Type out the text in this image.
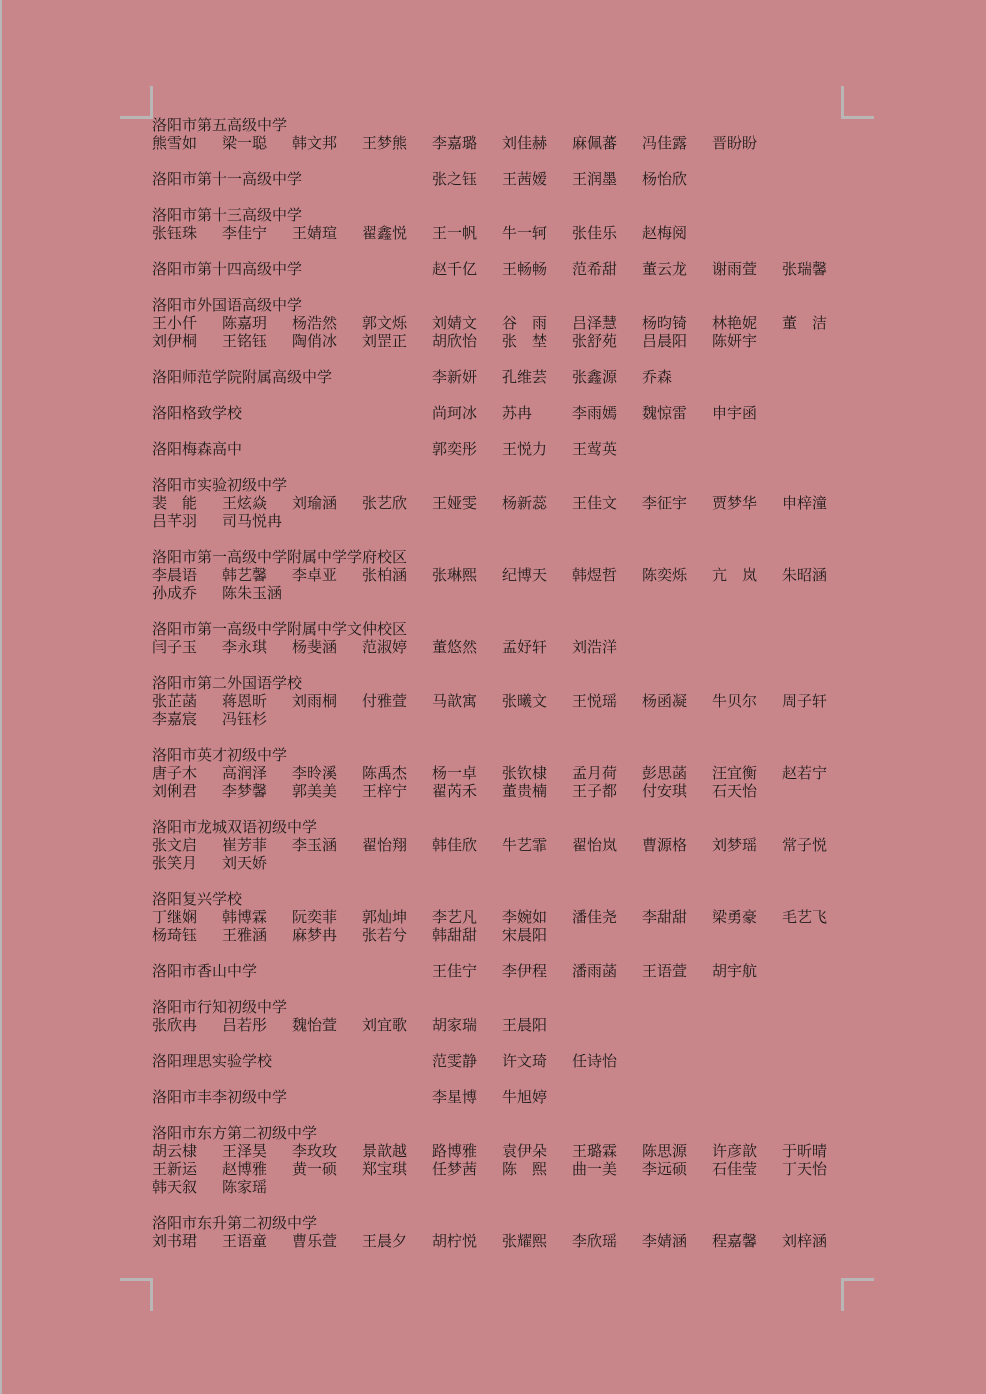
洛阳市第五高级中学
熊雪如 梁一聪 韩文邦 王梦熊 李嘉璐 刘佳赫 麻佩蕃 冯佳露 晋盼盼
洛阳市第十一高级中学	张之钰 王茜嫒 王润墨 杨怡欣
洛阳市第十三高级中学
张钰珠 李佳宁 王婧瑄 翟鑫悦 王一帆 牛一轲 张佳乐 赵梅阅
洛阳市第十四高级中学	赵千亿 王畅畅 范希甜 董云龙 谢雨萱 张瑞馨
洛阳市外国语高级中学
王小仟 陈嘉玥 杨浩然 郭文烁 刘婧文 谷　雨 吕泽慧 杨昀锜 林艳妮 董　洁
刘伊桐 王铭钰 陶俏冰 刘罡正 胡欣怡 张　埜 张舒苑 吕晨阳 陈妍宇
洛阳师范学院附属高级中学	李新妍 孔维芸 张鑫源 乔森
洛阳格致学校	尚珂冰 苏冉	李雨嫣 魏惊雷 申宇函
洛阳梅森高中	郭奕彤 王悦力 王莺英
洛阳市实验初级中学
裴　能 王炫焱 刘瑜涵 张艺欣 王娅雯 杨新蕊 王佳文 李征宇 贾梦华 申梓潼
吕芊羽 司马悦冉
洛阳市第一高级中学附属中学学府校区
李晨语 韩艺馨 李卓亚 张柏涵 张琳熙 纪博天 韩煜哲 陈奕烁 亢　岚 朱昭涵
孙成乔 陈朱玉涵
洛阳市第一高级中学附属中学文仲校区
闫子玉 李永琪 杨斐涵 范淑婷 董悠然 孟妤轩 刘浩洋
洛阳市第二外国语学校
张芷菡 蒋恩昕 刘雨桐 付雅萱 马歆寓 张曦文 王悦瑶 杨函凝 牛贝尔 周子轩
李嘉宸 冯钰杉
洛阳市英才初级中学
唐子木 高润泽 李昤溪 陈禹杰 杨一卓 张钦棣 孟月荷 彭思菡 汪宜衡 赵若宁
刘俐君 李梦馨 郭美美 王梓宁 翟芮禾 董贵楠 王子都 付安琪 石天怡
洛阳市龙城双语初级中学
张文启 崔芳菲 李玉涵 翟怡翔 韩佳欣 牛艺霏 翟怡岚 曹源格 刘梦瑶 常子悦
张笑月 刘天娇
洛阳复兴学校
丁继娴 韩博霖 阮奕菲 郭灿坤 李艺凡 李婉如 潘佳尧 李甜甜 梁勇豪 毛艺飞
杨琦钰 王雅涵 麻梦冉 张若兮 韩甜甜 宋晨阳
洛阳市香山中学	王佳宁 李伊程 潘雨菡 王语萱 胡宇航
洛阳市行知初级中学
张欣冉 吕若彤 魏怡萱 刘宜歌 胡家瑞 王晨阳
洛阳理思实验学校	范雯静 许文琦 任诗怡
洛阳市丰李初级中学	李星博 牛旭婷
洛阳市东方第二初级中学
胡云棣 王泽昊 李玫玫 景歆越 路博雅 袁伊朵 王璐霖 陈思源 许彦歆 于昕晴
王新运 赵博雅 黄一硕 郑宝琪 任梦茜 陈　熙 曲一美 李远硕 石佳莹 丁天怡
韩天叙 陈家瑶
洛阳市东升第二初级中学
刘书珺 王语童 曹乐萱 王晨夕 胡柠悦 张耀熙 李欣瑶 李婧涵 程嘉馨 刘梓涵
